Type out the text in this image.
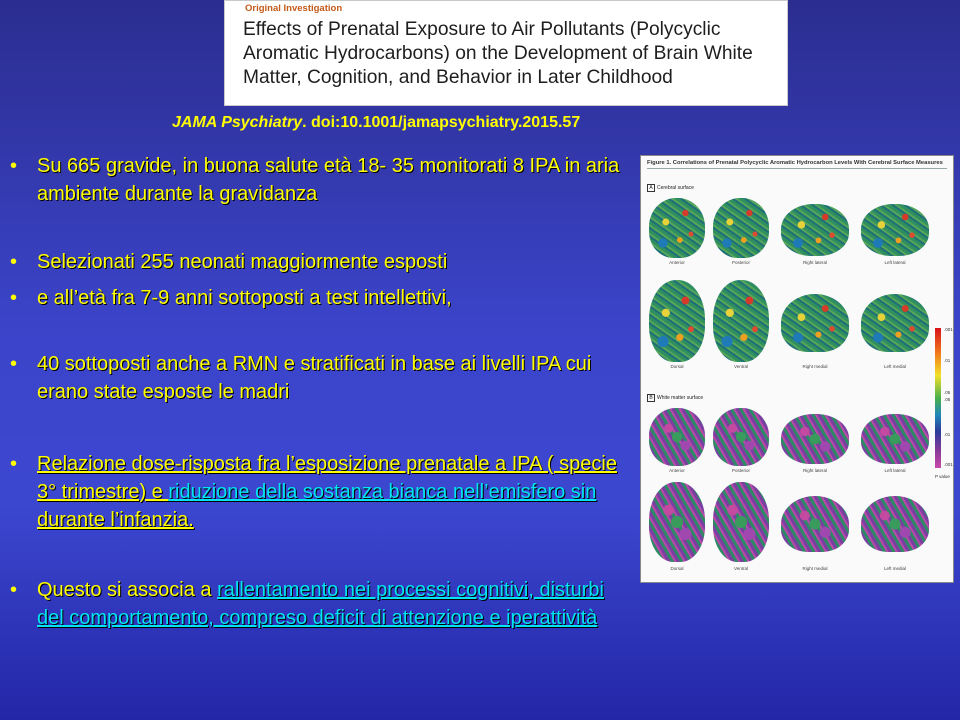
Original Investigation
Effects of Prenatal Exposure to Air Pollutants (Polycyclic Aromatic Hydrocarbons) on the Development of Brain White Matter, Cognition, and Behavior in Later Childhood
JAMA Psychiatry. doi:10.1001/jamapsychiatry.2015.57
• Su 665 gravide, in buona salute età 18- 35 monitorati 8 IPA in aria ambiente durante la gravidanza
• Selezionati 255 neonati maggiormente esposti
• e all’età fra 7-9 anni sottoposti a test intellettivi,
• 40 sottoposti anche a RMN e stratificati in base ai livelli IPA cui erano state esposte le madri
• Relazione dose-risposta fra l’esposizione prenatale a IPA ( specie 3° trimestre) e riduzione della sostanza bianca nell’emisfero sin durante l’infanzia.
• Questo si associa a rallentamento nei processi cognitivi, disturbi del comportamento, compreso deficit di attenzione e iperattività
Figure 1. Correlations of Prenatal Polycyclic Aromatic Hydrocarbon Levels With Cerebral Surface Measures
A Cerebral surface
Anterior	Posterior	Right lateral	Left lateral
Dorsal	Ventral	Right medial	Left medial
B White matter surface
Anterior	Posterior	Right lateral	Left lateral
Dorsal	Ventral	Right medial	Left medial
.001
.01
.05
.05
.01
.001
P value
